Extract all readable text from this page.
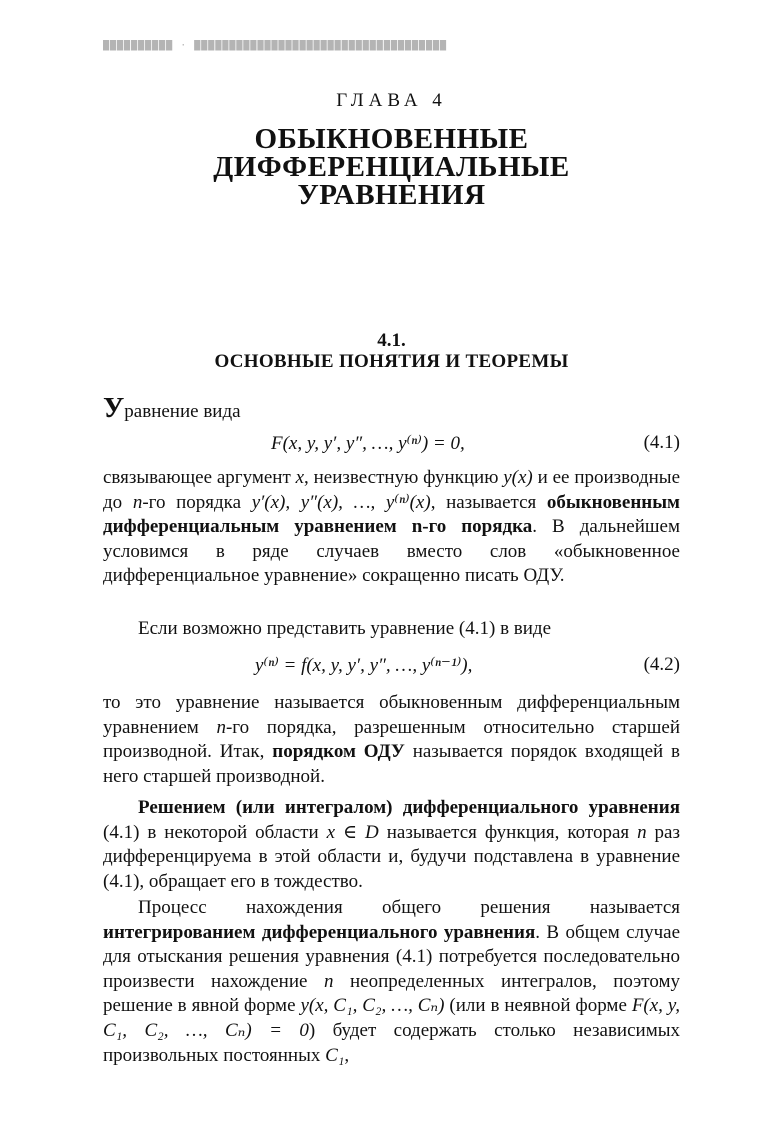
██████████ · ████████████████████████████████████
ГЛАВА 4
ОБЫКНОВЕННЫЕ ДИФФЕРЕНЦИАЛЬНЫЕ УРАВНЕНИЯ
4.1.
ОСНОВНЫЕ ПОНЯТИЯ И ТЕОРЕМЫ
Уравнение вида
F(x, y, y′, y″, …, y⁽ⁿ⁾) = 0,	(4.1)
связывающее аргумент x, неизвестную функцию y(x) и ее производные до n-го порядка y′(x), y″(x), …, y⁽ⁿ⁾(x), называется обыкновенным дифференциальным уравнением n-го порядка. В дальнейшем условимся в ряде случаев вместо слов «обыкновенное дифференциальное уравнение» сокращенно писать ОДУ.
Если возможно представить уравнение (4.1) в виде
y⁽ⁿ⁾ = f(x, y, y′, y″, …, y⁽ⁿ⁻¹⁾),	(4.2)
то это уравнение называется обыкновенным дифференциальным уравнением n-го порядка, разрешенным относительно старшей производной. Итак, порядком ОДУ называется порядок входящей в него старшей производной.
Решением (или интегралом) дифференциального уравнения (4.1) в некоторой области x ∈ D называется функция, которая n раз дифференцируема в этой области и, будучи подставлена в уравнение (4.1), обращает его в тождество.
Процесс нахождения общего решения называется интегрированием дифференциального уравнения. В общем случае для отыскания решения уравнения (4.1) потребуется последовательно произвести нахождение n неопределенных интегралов, поэтому решение в явной форме y(x, C₁, C₂, …, Cₙ) (или в неявной форме F(x, y, C₁, C₂, …, Cₙ) = 0) будет содержать столько независимых произвольных постоянных C₁,
